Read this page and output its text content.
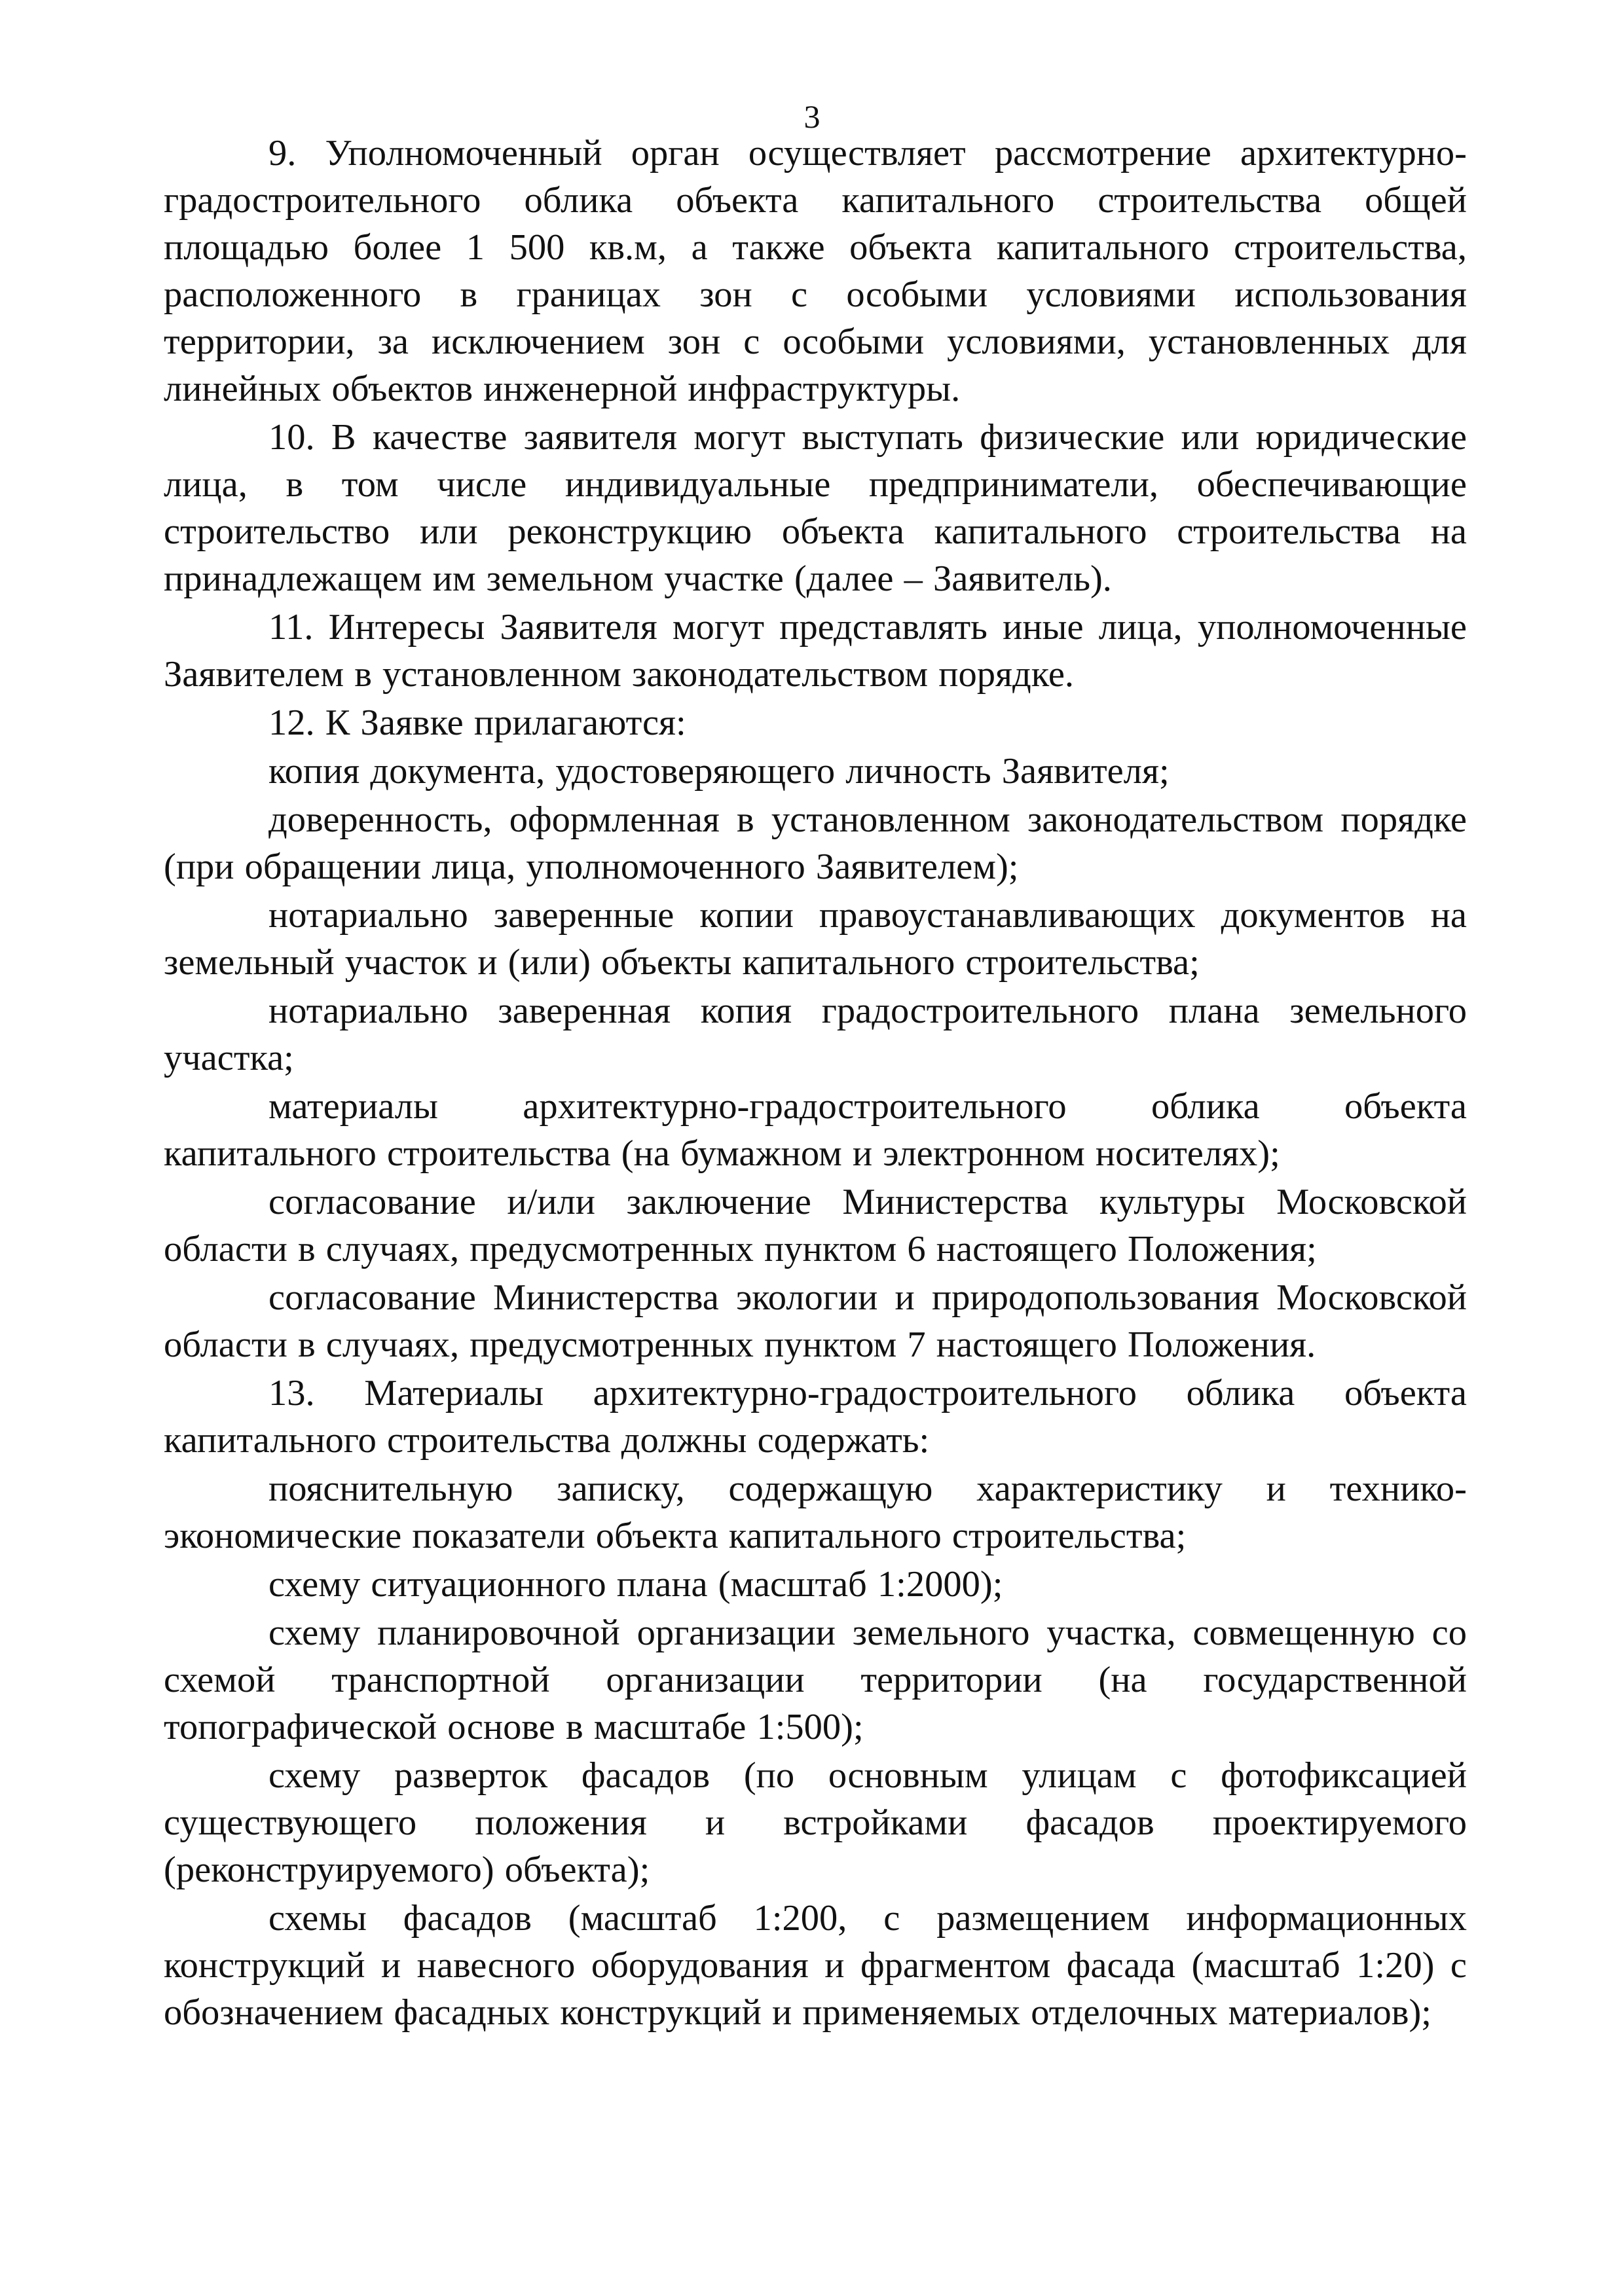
3

9. Уполномоченный орган осуществляет рассмотрение архитектурно-градостроительного облика объекта капитального строительства общей площадью более 1 500 кв.м, а также объекта капитального строительства, расположенного в границах зон с особыми условиями использования территории, за исключением зон с особыми условиями, установленных для линейных объектов инженерной инфраструктуры.

10. В качестве заявителя могут выступать физические или юридические лица, в том числе индивидуальные предприниматели, обеспечивающие строительство или реконструкцию объекта капитального строительства на принадлежащем им земельном участке (далее – Заявитель).

11. Интересы Заявителя могут представлять иные лица, уполномоченные Заявителем в установленном законодательством порядке.

12. К Заявке прилагаются:

копия документа, удостоверяющего личность Заявителя;

доверенность, оформленная в установленном законодательством порядке (при обращении лица, уполномоченного Заявителем);

нотариально заверенные копии правоустанавливающих документов на земельный участок и (или) объекты капитального строительства;

нотариально заверенная копия градостроительного плана земельного участка;

материалы архитектурно-градостроительного облика объекта капитального строительства (на бумажном и электронном носителях);

согласование и/или заключение Министерства культуры Московской области в случаях, предусмотренных пунктом 6 настоящего Положения;

согласование Министерства экологии и природопользования Московской области в случаях, предусмотренных пунктом 7 настоящего Положения.

13. Материалы архитектурно-градостроительного облика объекта капитального строительства должны содержать:

пояснительную записку, содержащую характеристику и технико-экономические показатели объекта капитального строительства;

схему ситуационного плана (масштаб 1:2000);

схему планировочной организации земельного участка, совмещенную со схемой транспортной организации территории (на государственной топографической основе в масштабе 1:500);

схему разверток фасадов (по основным улицам с фотофиксацией существующего положения и встройками фасадов проектируемого (реконструируемого) объекта);

схемы фасадов (масштаб 1:200, с размещением информационных конструкций и навесного оборудования и фрагментом фасада (масштаб 1:20) с обозначением фасадных конструкций и применяемых отделочных материалов);
